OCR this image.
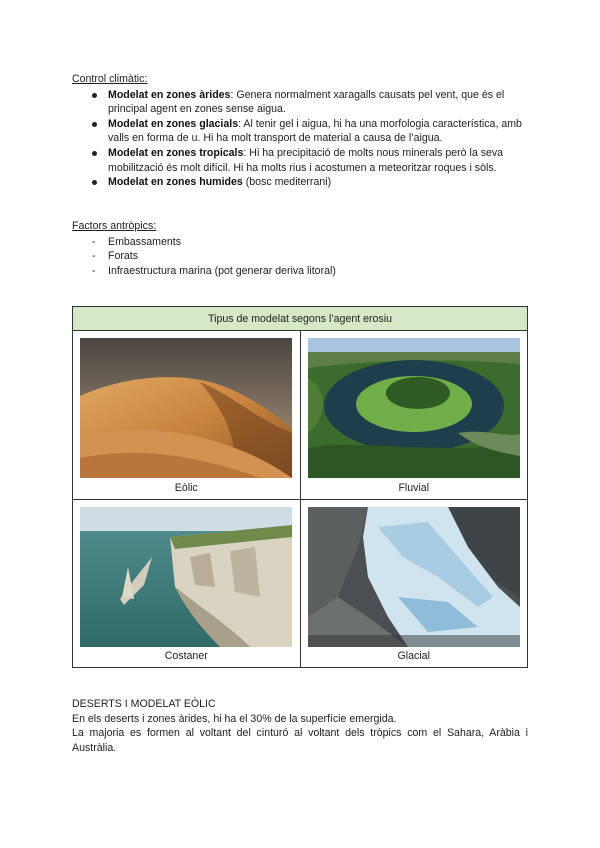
Control climàtic:
Modelat en zones àrides: Genera normalment xaragalls causats pel vent, que és el principal agent en zones sense aigua.
Modelat en zones glacials: Al tenir gel i aigua, hi ha una morfologia característica, amb valls en forma de u. Hi ha molt transport de material a causa de l’aigua.
Modelat en zones tropicals: Hi ha precipitació de molts nous minerals però la seva mobilització és molt difícil. Hi ha molts rius i acostumen a meteoritzar roques i sòls.
Modelat en zones humides (bosc mediterrani)
Factors antròpics:
- Embassaments
- Forats
- Infraestructura marina (pot generar deriva litoral)
Tipus de modelat segons l’agent erosiu	

Eòlic	Fluvial

Costaner	Glacial
DESERTS I MODELAT EÒLIC
En els deserts i zones àrides, hi ha el 30% de la superfície emergida.
La majoria es formen al voltant del cinturó al voltant dels tròpics com el Sahara, Aràbia i Austràlia.
